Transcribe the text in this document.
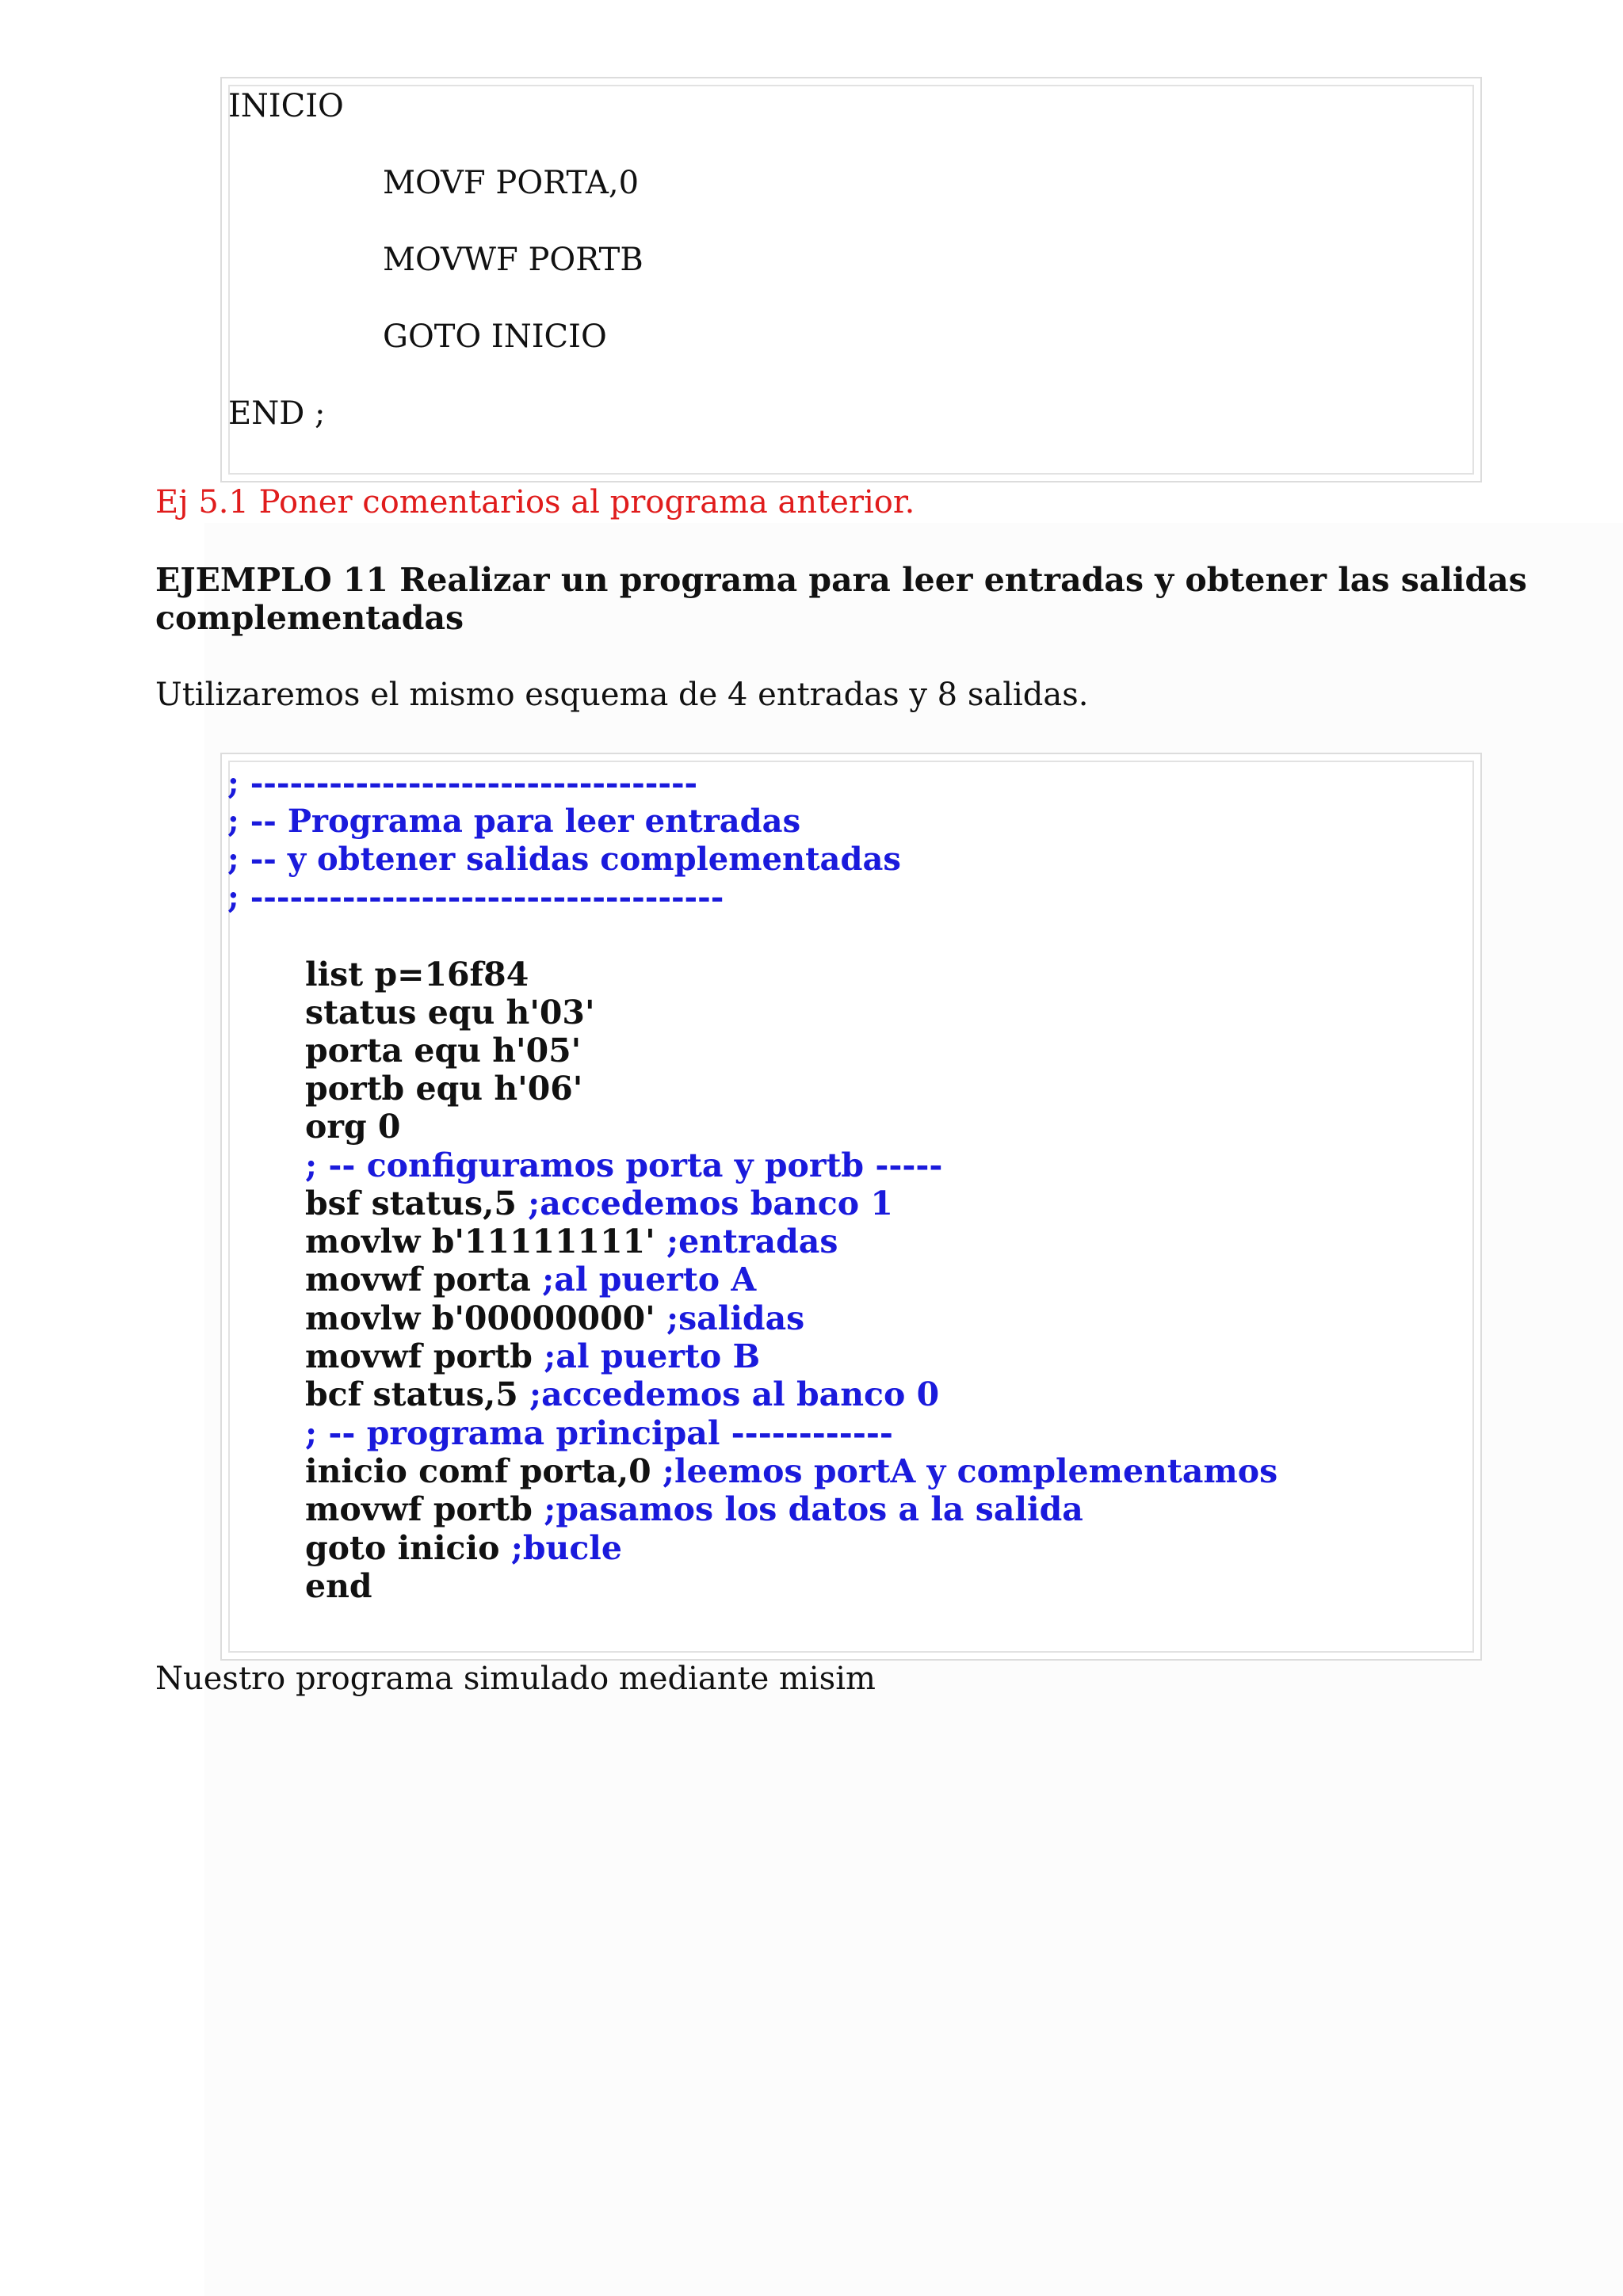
INICIO
MOVF PORTA,0
MOVWF PORTB
GOTO INICIO
END ;
Ej 5.1 Poner comentarios al programa anterior.
EJEMPLO 11 Realizar un programa para leer entradas y obtener las salidas
complementadas
Utilizaremos el mismo esquema de 4 entradas y 8 salidas.
; ----------------------------------
; -- Programa para leer entradas
; -- y obtener salidas complementadas
; ------------------------------------
list p=16f84
status equ h'03'
porta equ h'05'
portb equ h'06'
org 0
; -- configuramos porta y portb -----
bsf status,5 ;accedemos banco 1
movlw b'11111111' ;entradas
movwf porta ;al puerto A
movlw b'00000000' ;salidas
movwf portb ;al puerto B
bcf status,5 ;accedemos al banco 0
; -- programa principal ------------
inicio comf porta,0 ;leemos portA y complementamos
movwf portb ;pasamos los datos a la salida
goto inicio ;bucle
end
Nuestro programa simulado mediante misim
